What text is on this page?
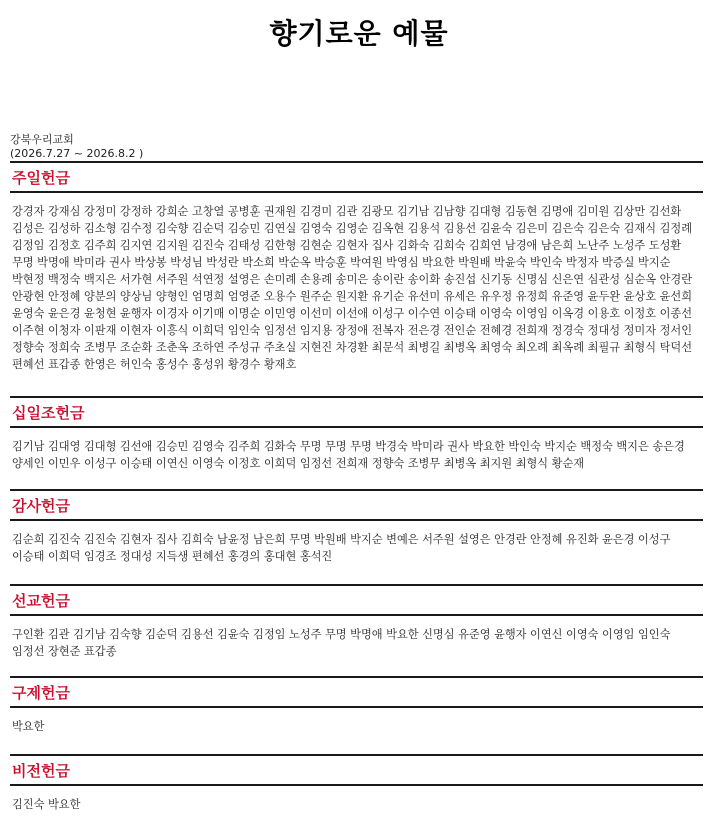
향기로운 예물
강북우리교회
(2026.7.27 ~ 2026.8.2 )
주일헌금
강경자 강재심 강정미 강정하 강희순 고창열 공병훈 권재원 김경미 김관 김광모 김기남 김남향 김대형 김동현 김명애 김미원 김상만 김선화 김성은 김성하 김소형 김수정 김숙향 김순덕 김승민 김연실 김영숙 김영순 김옥현 김용석 김용선 김윤숙 김은미 김은숙 김은숙 김재식 김정례 김정임 김정호 김주희 김지연 김지원 김진숙 김태성 김한형 김현순 김현자 집사 김화숙 김희숙 김희연 남경애 남은희 노난주 노성주 도성환 무명 박명애 박미라 권사 박상봉 박성님 박성란 박소희 박순옥 박승훈 박여원 박영심 박요한 박원배 박윤숙 박인숙 박정자 박증실 박지순 박현정 백정숙 백지은 서가현 서주원 석연정 설영은 손미례 손용례 송미은 송이란 송이화 송진섭 신기동 신명심 신은연 심관성 심순옥 안경란 안광현 안정혜 양분의 양상님 양형인 엄명희 엄영준 오용수 원주순 원지환 유기순 유선미 유세은 유우정 유정희 유준영 윤두완 윤상호 윤선희 윤영숙 윤은경 윤청현 윤행자 이경자 이기매 이명순 이민영 이선미 이선애 이성구 이수연 이승태 이영숙 이영임 이옥경 이용호 이정호 이종선 이주현 이청자 이판재 이현자 이흥식 이희덕 임인숙 임정선 임지용 장정애 전복자 전은경 전인순 전혜경 전희재 정경숙 정대성 정미자 정서인 정향숙 정희숙 조병무 조순화 조춘옥 조하연 주성규 주초실 지현진 차경환 최문석 최병길 최병옥 최영숙 최오례 최옥례 최필규 최형식 탁덕선 편혜선 표갑종 한영은 허인숙 홍성수 홍성위 황경수 황재호
십일조헌금
김기남 김대영 김대형 김선애 김승민 김영숙 김주희 김화숙 무명 무명 무명 박경숙 박미라 권사 박요한 박인숙 박지순 백정숙 백지은 송은경 양세인 이민우 이성구 이승태 이연신 이영숙 이정호 이희덕 임정선 전희재 정향숙 조병무 최병옥 최지원 최형식 황순재
감사헌금
김순희 김진숙 김진숙 김현자 집사 김희숙 남윤정 남은희 무명 박원배 박지순 변예은 서주원 설영은 안경란 안정혜 유진화 윤은경 이성구 이승태 이희덕 임경조 정대성 지득생 편혜선 홍경의 홍대현 홍석진
선교헌금
구인환 김관 김기남 김숙향 김순덕 김용선 김윤숙 김정임 노성주 무명 박명애 박요한 신명심 유준영 윤행자 이연신 이영숙 이영임 임인숙 임정선 장현준 표갑종
구제헌금
박요한
비전헌금
김진숙 박요한
